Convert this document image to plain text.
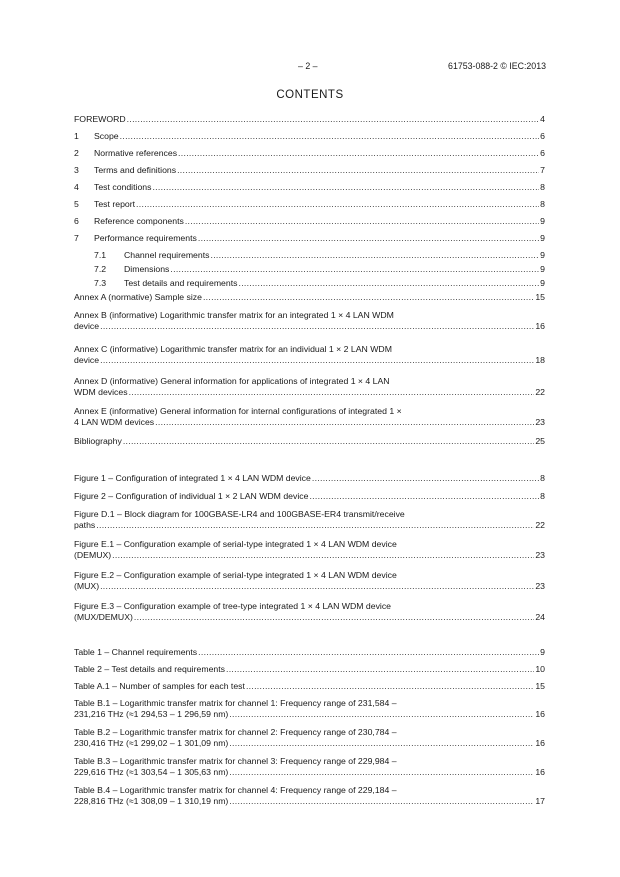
– 2 –	61753-088-2 © IEC:2013
CONTENTS
FOREWORD .....	4
1 Scope .....	6
2 Normative references .....	6
3 Terms and definitions .....	7
4 Test conditions .....	8
5 Test report .....	8
6 Reference components .....	9
7 Performance requirements .....	9
7.1 Channel requirements .....	9
7.2 Dimensions .....	9
7.3 Test details and requirements .....	9
Annex A (normative) Sample size .....	15
Annex B (informative) Logarithmic transfer matrix for an integrated 1 × 4 LAN WDM
device .....	16
Annex C (informative) Logarithmic transfer matrix for an individual 1 × 2 LAN WDM
device .....	18
Annex D (informative) General information for applications of integrated 1 × 4 LAN
WDM devices .....	22
Annex E (informative) General information for internal configurations of integrated 1 ×
4 LAN WDM devices .....	23
Bibliography .....	25
Figure 1 – Configuration of integrated 1 × 4 LAN WDM device .....	8
Figure 2 – Configuration of individual 1 × 2 LAN WDM device .....	8
Figure D.1 – Block diagram for 100GBASE-LR4 and 100GBASE-ER4 transmit/receive
paths .....	22
Figure E.1 – Configuration example of serial-type integrated 1 × 4 LAN WDM device
(DEMUX) .....	23
Figure E.2 – Configuration example of serial-type integrated 1 × 4 LAN WDM device
(MUX) .....	23
Figure E.3 – Configuration example of tree-type integrated 1 × 4 LAN WDM device
(MUX/DEMUX) .....	24
Table 1 – Channel requirements .....	9
Table 2 – Test details and requirements .....	10
Table A.1 – Number of samples for each test .....	15
Table B.1 – Logarithmic transfer matrix for channel 1: Frequency range of 231,584 –
231,216 THz (≈1 294,53 – 1 296,59 nm) .....	16
Table B.2 – Logarithmic transfer matrix for channel 2: Frequency range of 230,784 –
230,416 THz (≈1 299,02 – 1 301,09 nm) .....	16
Table B.3 – Logarithmic transfer matrix for channel 3: Frequency range of 229,984 –
229,616 THz (≈1 303,54 – 1 305,63 nm) .....	16
Table B.4 – Logarithmic transfer matrix for channel 4: Frequency range of 229,184 –
228,816 THz (≈1 308,09 – 1 310,19 nm) .....	17
